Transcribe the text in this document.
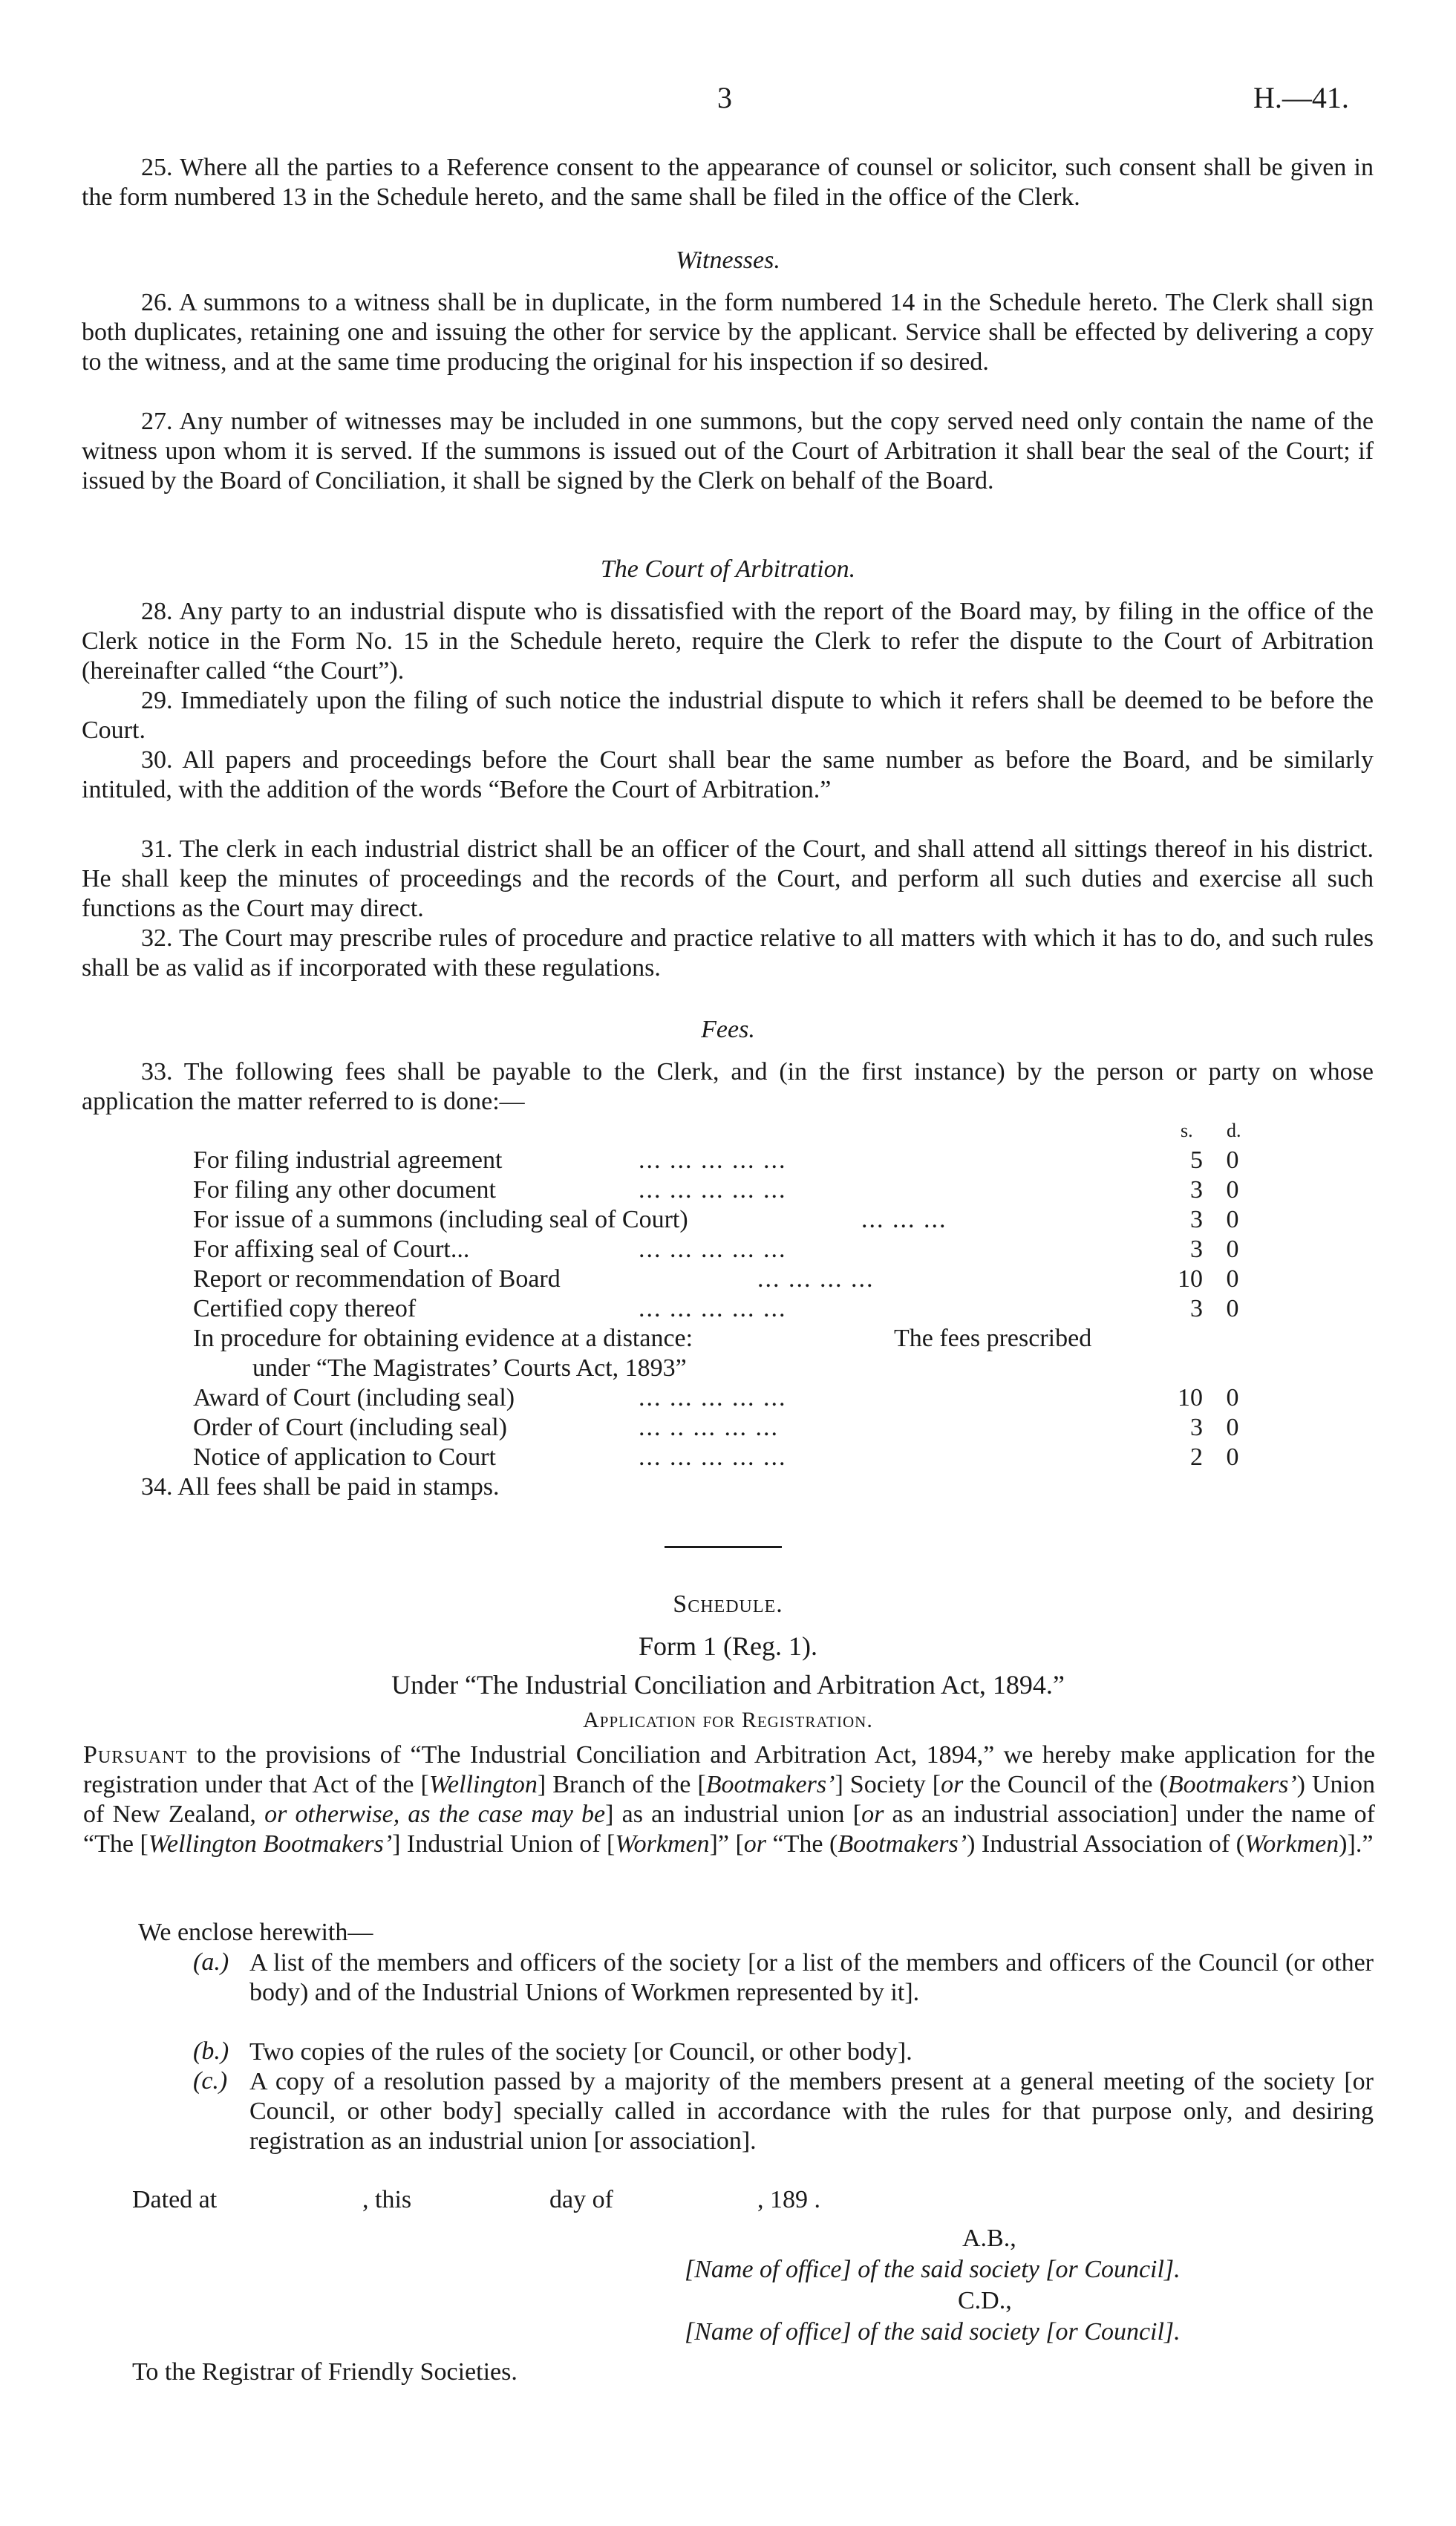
3	H.—41.
25. Where all the parties to a Reference consent to the appearance of counsel or solicitor, such consent shall be given in the form numbered 13 in the Schedule hereto, and the same shall be filed in the office of the Clerk.
Witnesses.
26. A summons to a witness shall be in duplicate, in the form numbered 14 in the Schedule hereto. The Clerk shall sign both duplicates, retaining one and issuing the other for service by the applicant. Service shall be effected by delivering a copy to the witness, and at the same time producing the original for his inspection if so desired.
27. Any number of witnesses may be included in one summons, but the copy served need only contain the name of the witness upon whom it is served. If the summons is issued out of the Court of Arbitration it shall bear the seal of the Court; if issued by the Board of Conciliation, it shall be signed by the Clerk on behalf of the Board.
The Court of Arbitration.
28. Any party to an industrial dispute who is dissatisfied with the report of the Board may, by filing in the office of the Clerk notice in the Form No. 15 in the Schedule hereto, require the Clerk to refer the dispute to the Court of Arbitration (hereinafter called “the Court”).
29. Immediately upon the filing of such notice the industrial dispute to which it refers shall be deemed to be before the Court.
30. All papers and proceedings before the Court shall bear the same number as before the Board, and be similarly intituled, with the addition of the words “Before the Court of Arbitration.”
31. The clerk in each industrial district shall be an officer of the Court, and shall attend all sittings thereof in his district. He shall keep the minutes of proceedings and the records of the Court, and perform all such duties and exercise all such functions as the Court may direct.
32. The Court may prescribe rules of procedure and practice relative to all matters with which it has to do, and such rules shall be as valid as if incorporated with these regulations.
Fees.
33. The following fees shall be payable to the Clerk, and (in the first instance) by the person or party on whose application the matter referred to is done:—
s. d.
For filing industrial agreement	... ... ... ... ...	5 0
For filing any other document	... ... ... ... ...	3 0
For issue of a summons (including seal of Court)	... ... ...	3 0
For affixing seal of Court...	... ... ... ... ...	3 0
Report or recommendation of Board	... ... ... ...	10 0
Certified copy thereof	... ... ... ... ...	3 0
In procedure for obtaining evidence at a distance:	The fees prescribed
under “The Magistrates’ Courts Act, 1893”
Award of Court (including seal)	... ... ... ... ...	10 0
Order of Court (including seal)	... .. ... ... ...	3 0
Notice of application to Court	... ... ... ... ...	2 0
34. All fees shall be paid in stamps.
Schedule.
Form 1 (Reg. 1).
Under “The Industrial Conciliation and Arbitration Act, 1894.”
Application for Registration.
Pursuant to the provisions of “The Industrial Conciliation and Arbitration Act, 1894,” we hereby make application for the registration under that Act of the [Wellington] Branch of the [Bootmakers’] Society [or the Council of the (Bootmakers’) Union of New Zealand, or otherwise, as the case may be] as an industrial union [or as an industrial association] under the name of “The [Wellington Bootmakers’] Industrial Union of [Workmen]” [or “The (Bootmakers’) Industrial Association of (Workmen)].”
We enclose herewith—
(a.) A list of the members and officers of the society [or a list of the members and officers of the Council (or other body) and of the Industrial Unions of Workmen represented by it].
(b.) Two copies of the rules of the society [or Council, or other body].
(c.) A copy of a resolution passed by a majority of the members present at a general meeting of the society [or Council, or other body] specially called in accordance with the rules for that purpose only, and desiring registration as an industrial union [or association].
Dated at	, this	day of	, 189 .
A.B.,
[Name of office] of the said society [or Council].
C.D.,
[Name of office] of the said society [or Council].
To the Registrar of Friendly Societies.
